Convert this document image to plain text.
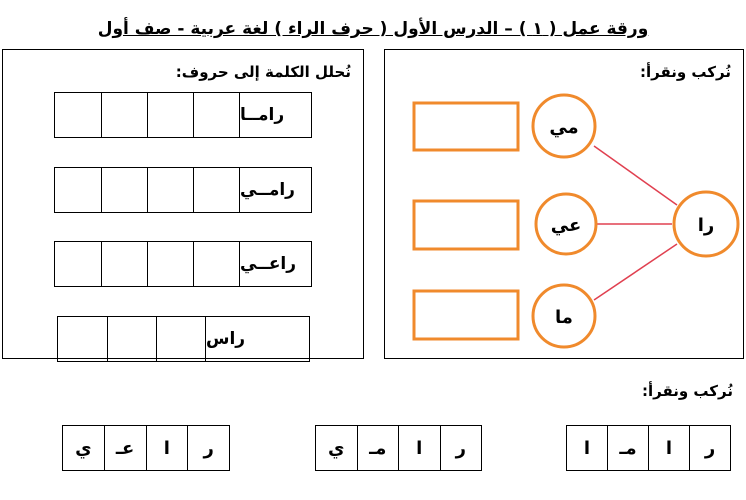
ورقة عمل ( ١ ) – الدرس الأول ( حرف الراء ) لغة عربية - صف أول
نُحلل الكلمة إلى حروف:
رامــا
رامــي
راعــي
راس
نُركب ونقرأ:
مي
عي
ما
را
نُركب ونقرأ:
ر
ا
مـ
ا
ر
ا
مـ
ي
ر
ا
عـ
ي
